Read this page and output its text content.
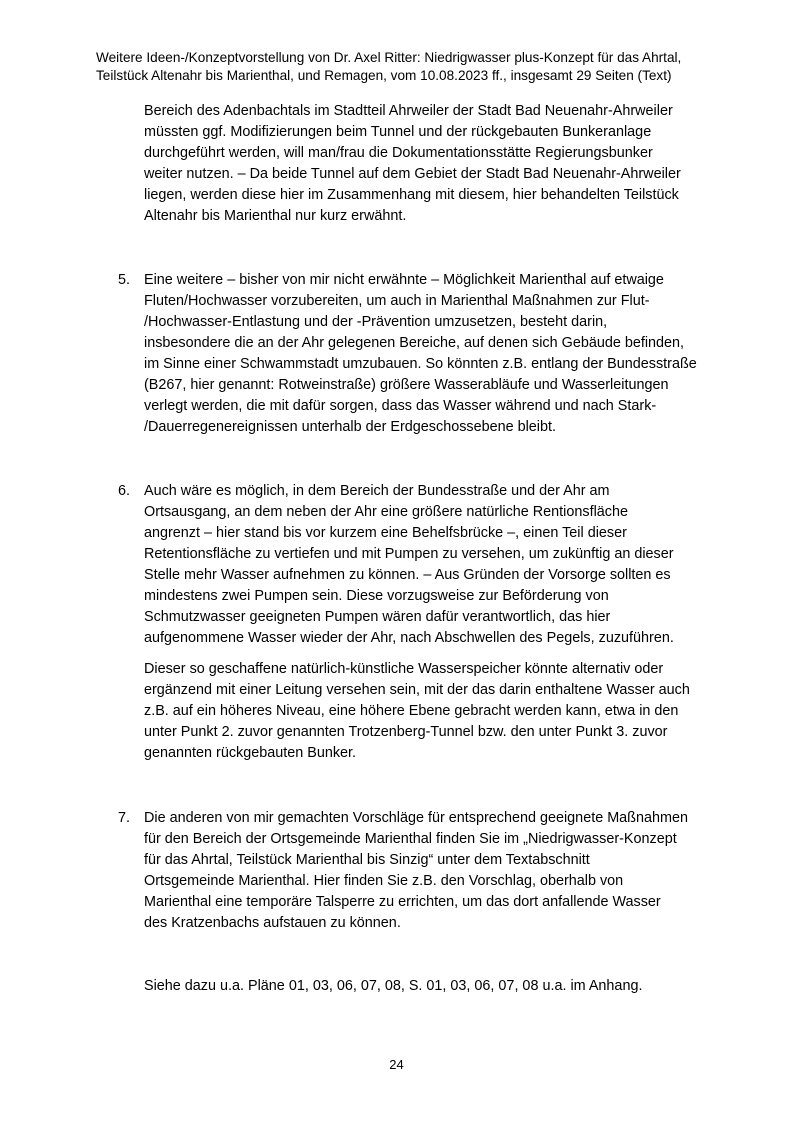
Weitere Ideen-/Konzeptvorstellung von Dr. Axel Ritter: Niedrigwasser plus-Konzept für das Ahrtal,
Teilstück Altenahr bis Marienthal, und Remagen, vom 10.08.2023 ff., insgesamt 29 Seiten (Text)
Bereich des Adenbachtals im Stadtteil Ahrweiler der Stadt Bad Neuenahr-Ahrweiler
müssten ggf. Modifizierungen beim Tunnel und der rückgebauten Bunkeranlage
durchgeführt werden, will man/frau die Dokumentationsstätte Regierungsbunker
weiter nutzen. – Da beide Tunnel auf dem Gebiet der Stadt Bad Neuenahr-Ahrweiler
liegen, werden diese hier im Zusammenhang mit diesem, hier behandelten Teilstück
Altenahr bis Marienthal nur kurz erwähnt.
5. Eine weitere – bisher von mir nicht erwähnte – Möglichkeit Marienthal auf etwaige
Fluten/Hochwasser vorzubereiten, um auch in Marienthal Maßnahmen zur Flut-
/Hochwasser-Entlastung und der -Prävention umzusetzen, besteht darin,
insbesondere die an der Ahr gelegenen Bereiche, auf denen sich Gebäude befinden,
im Sinne einer Schwammstadt umzubauen. So könnten z.B. entlang der Bundesstraße
(B267, hier genannt: Rotweinstraße) größere Wasserabläufe und Wasserleitungen
verlegt werden, die mit dafür sorgen, dass das Wasser während und nach Stark-
/Dauerregenereignissen unterhalb der Erdgeschossebene bleibt.
6. Auch wäre es möglich, in dem Bereich der Bundesstraße und der Ahr am
Ortsausgang, an dem neben der Ahr eine größere natürliche Rentionsfläche
angrenzt – hier stand bis vor kurzem eine Behelfsbrücke –, einen Teil dieser
Retentionsfläche zu vertiefen und mit Pumpen zu versehen, um zukünftig an dieser
Stelle mehr Wasser aufnehmen zu können. – Aus Gründen der Vorsorge sollten es
mindestens zwei Pumpen sein. Diese vorzugsweise zur Beförderung von
Schmutzwasser geeigneten Pumpen wären dafür verantwortlich, das hier
aufgenommene Wasser wieder der Ahr, nach Abschwellen des Pegels, zuzuführen.
Dieser so geschaffene natürlich-künstliche Wasserspeicher könnte alternativ oder
ergänzend mit einer Leitung versehen sein, mit der das darin enthaltene Wasser auch
z.B. auf ein höheres Niveau, eine höhere Ebene gebracht werden kann, etwa in den
unter Punkt 2. zuvor genannten Trotzenberg-Tunnel bzw. den unter Punkt 3. zuvor
genannten rückgebauten Bunker.
7. Die anderen von mir gemachten Vorschläge für entsprechend geeignete Maßnahmen
für den Bereich der Ortsgemeinde Marienthal finden Sie im „Niedrigwasser-Konzept
für das Ahrtal, Teilstück Marienthal bis Sinzig“ unter dem Textabschnitt
Ortsgemeinde Marienthal. Hier finden Sie z.B. den Vorschlag, oberhalb von
Marienthal eine temporäre Talsperre zu errichten, um das dort anfallende Wasser
des Kratzenbachs aufstauen zu können.
Siehe dazu u.a. Pläne 01, 03, 06, 07, 08, S. 01, 03, 06, 07, 08 u.a. im Anhang.
24
